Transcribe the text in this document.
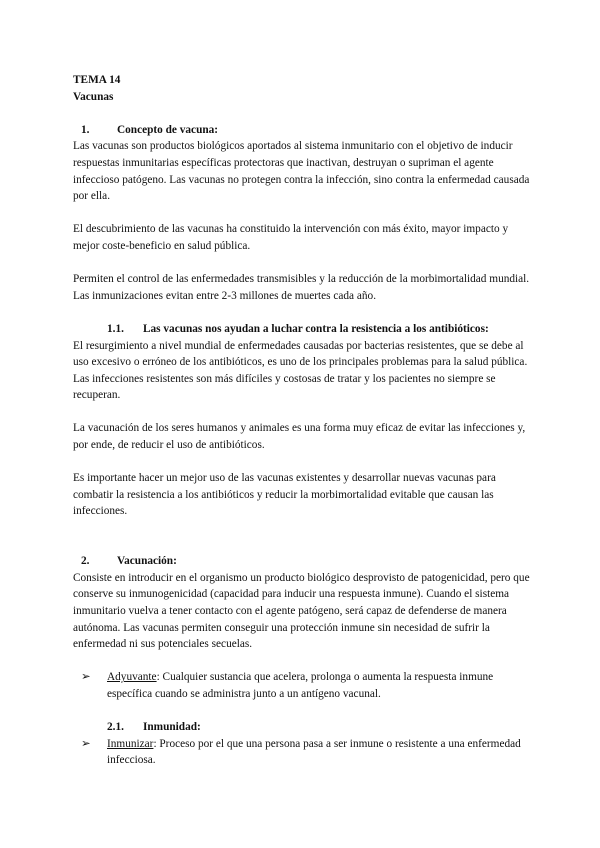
TEMA 14

Vacunas

1.	Concepto de vacuna:

Las vacunas son productos biológicos aportados al sistema inmunitario con el objetivo de inducir respuestas inmunitarias específicas protectoras que inactivan, destruyan o supriman el agente infeccioso patógeno. Las vacunas no protegen contra la infección, sino contra la enfermedad causada por ella.

El descubrimiento de las vacunas ha constituido la intervención con más éxito, mayor impacto y mejor coste-beneficio en salud pública.

Permiten el control de las enfermedades transmisibles y la reducción de la morbimortalidad mundial. Las inmunizaciones evitan entre 2-3 millones de muertes cada año.

1.1.	Las vacunas nos ayudan a luchar contra la resistencia a los antibióticos:

El resurgimiento a nivel mundial de enfermedades causadas por bacterias resistentes, que se debe al uso excesivo o erróneo de los antibióticos, es uno de los principales problemas para la salud pública. Las infecciones resistentes son más difíciles y costosas de tratar y los pacientes no siempre se recuperan.

La vacunación de los seres humanos y animales es una forma muy eficaz de evitar las infecciones y, por ende, de reducir el uso de antibióticos.

Es importante hacer un mejor uso de las vacunas existentes y desarrollar nuevas vacunas para combatir la resistencia a los antibióticos y reducir la morbimortalidad evitable que causan las infecciones.

2.	Vacunación:

Consiste en introducir en el organismo un producto biológico desprovisto de patogenicidad, pero que conserve su inmunogenicidad (capacidad para inducir una respuesta inmune). Cuando el sistema inmunitario vuelva a tener contacto con el agente patógeno, será capaz de defenderse de manera autónoma. Las vacunas permiten conseguir una protección inmune sin necesidad de sufrir la enfermedad ni sus potenciales secuelas.

➢	Adyuvante: Cualquier sustancia que acelera, prolonga o aumenta la respuesta inmune específica cuando se administra junto a un antígeno vacunal.
2.1.	Inmunidad:
➢	Inmunizar: Proceso por el que una persona pasa a ser inmune o resistente a una enfermedad infecciosa.
